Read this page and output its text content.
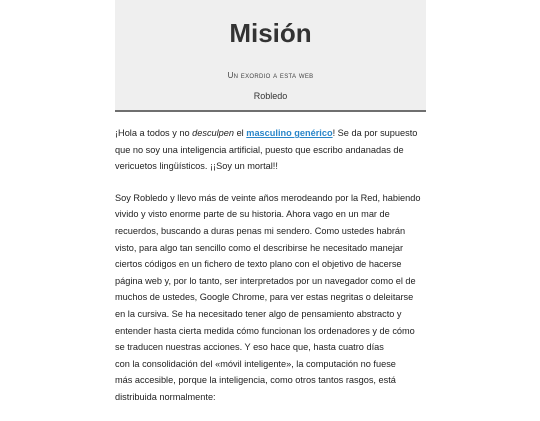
Misión
Un exordio a esta web
Robledo

¡Hola a todos y no desculpen el masculino genérico! Se da por supuesto
que no soy una inteligencia artificial, puesto que escribo andanadas de
vericuetos lingüísticos. ¡¡Soy un mortal!!

Soy Robledo y llevo más de veinte años merodeando por la Red, habiendo
vivido y visto enorme parte de su historia. Ahora vago en un mar de
recuerdos, buscando a duras penas mi sendero. Como ustedes habrán
visto, para algo tan sencillo como el describirse he necesitado manejar
ciertos códigos en un fichero de texto plano con el objetivo de hacerse
página web y, por lo tanto, ser interpretados por un navegador como el de
muchos de ustedes, Google Chrome, para ver estas negritas o deleitarse
en la cursiva. Se ha necesitado tener algo de pensamiento abstracto y
entender hasta cierta medida cómo funcionan los ordenadores y de cómo
se traducen nuestras acciones. Y eso hace que, hasta cuatro días
con la consolidación del «móvil inteligente», la computación no fuese
más accesible, porque la inteligencia, como otros tantos rasgos, está
distribuida normalmente:
